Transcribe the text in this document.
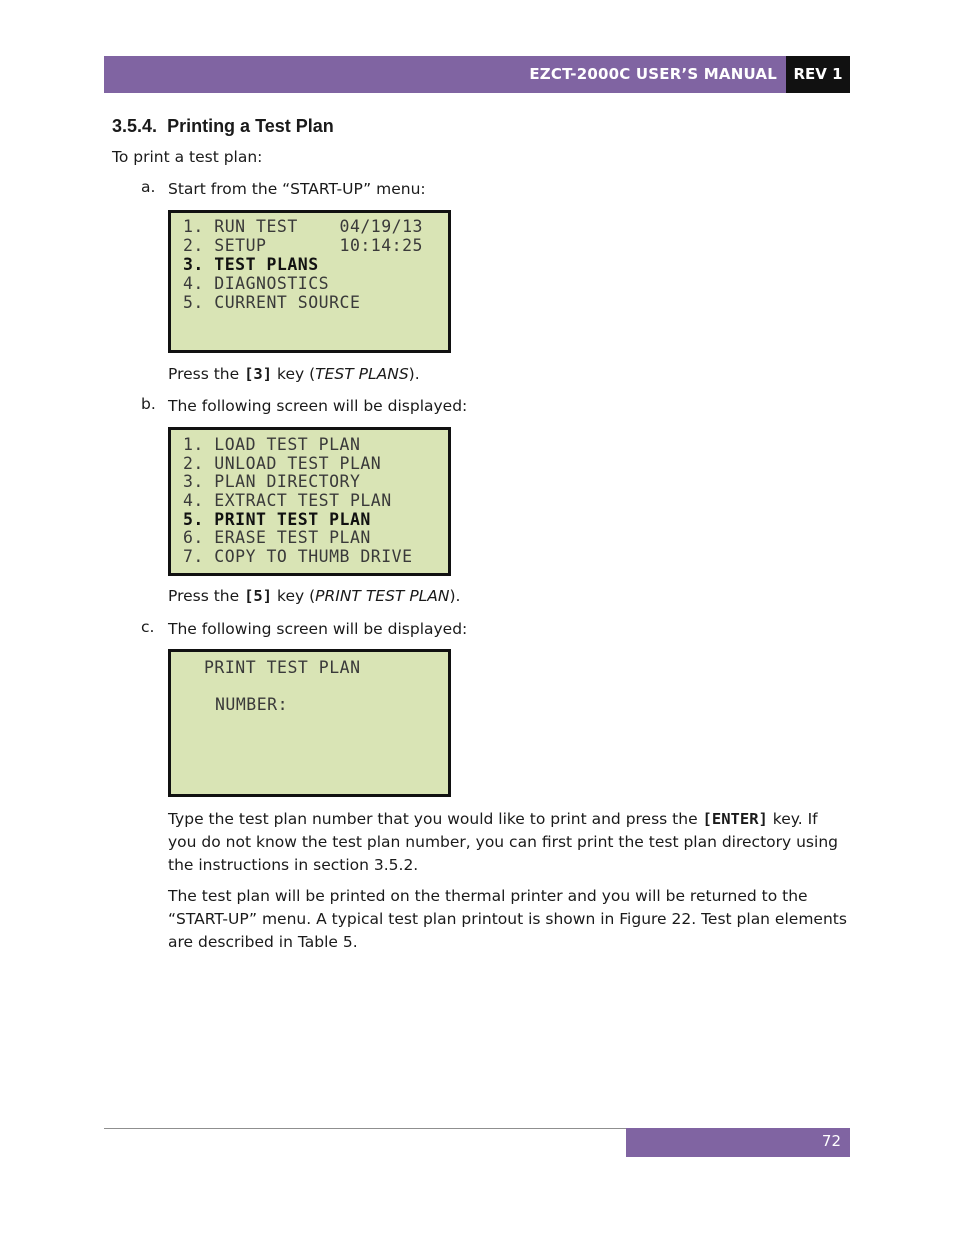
EZCT-2000C USER’S MANUAL	REV 1
3.5.4. Printing a Test Plan
To print a test plan:
a. Start from the “START-UP” menu:
1. RUN TEST    04/19/13
2. SETUP       10:14:25
3. TEST PLANS
4. DIAGNOSTICS
5. CURRENT SOURCE
Press the [3] key (TEST PLANS).
b. The following screen will be displayed:
1. LOAD TEST PLAN
2. UNLOAD TEST PLAN
3. PLAN DIRECTORY
4. EXTRACT TEST PLAN
5. PRINT TEST PLAN
6. ERASE TEST PLAN
7. COPY TO THUMB DRIVE
Press the [5] key (PRINT TEST PLAN).
c. The following screen will be displayed:
PRINT TEST PLAN
NUMBER:
Type the test plan number that you would like to print and press the [ENTER] key. If
you do not know the test plan number, you can first print the test plan directory using
the instructions in section 3.5.2.
The test plan will be printed on the thermal printer and you will be returned to the
“START-UP” menu. A typical test plan printout is shown in Figure 22. Test plan elements
are described in Table 5.
72
